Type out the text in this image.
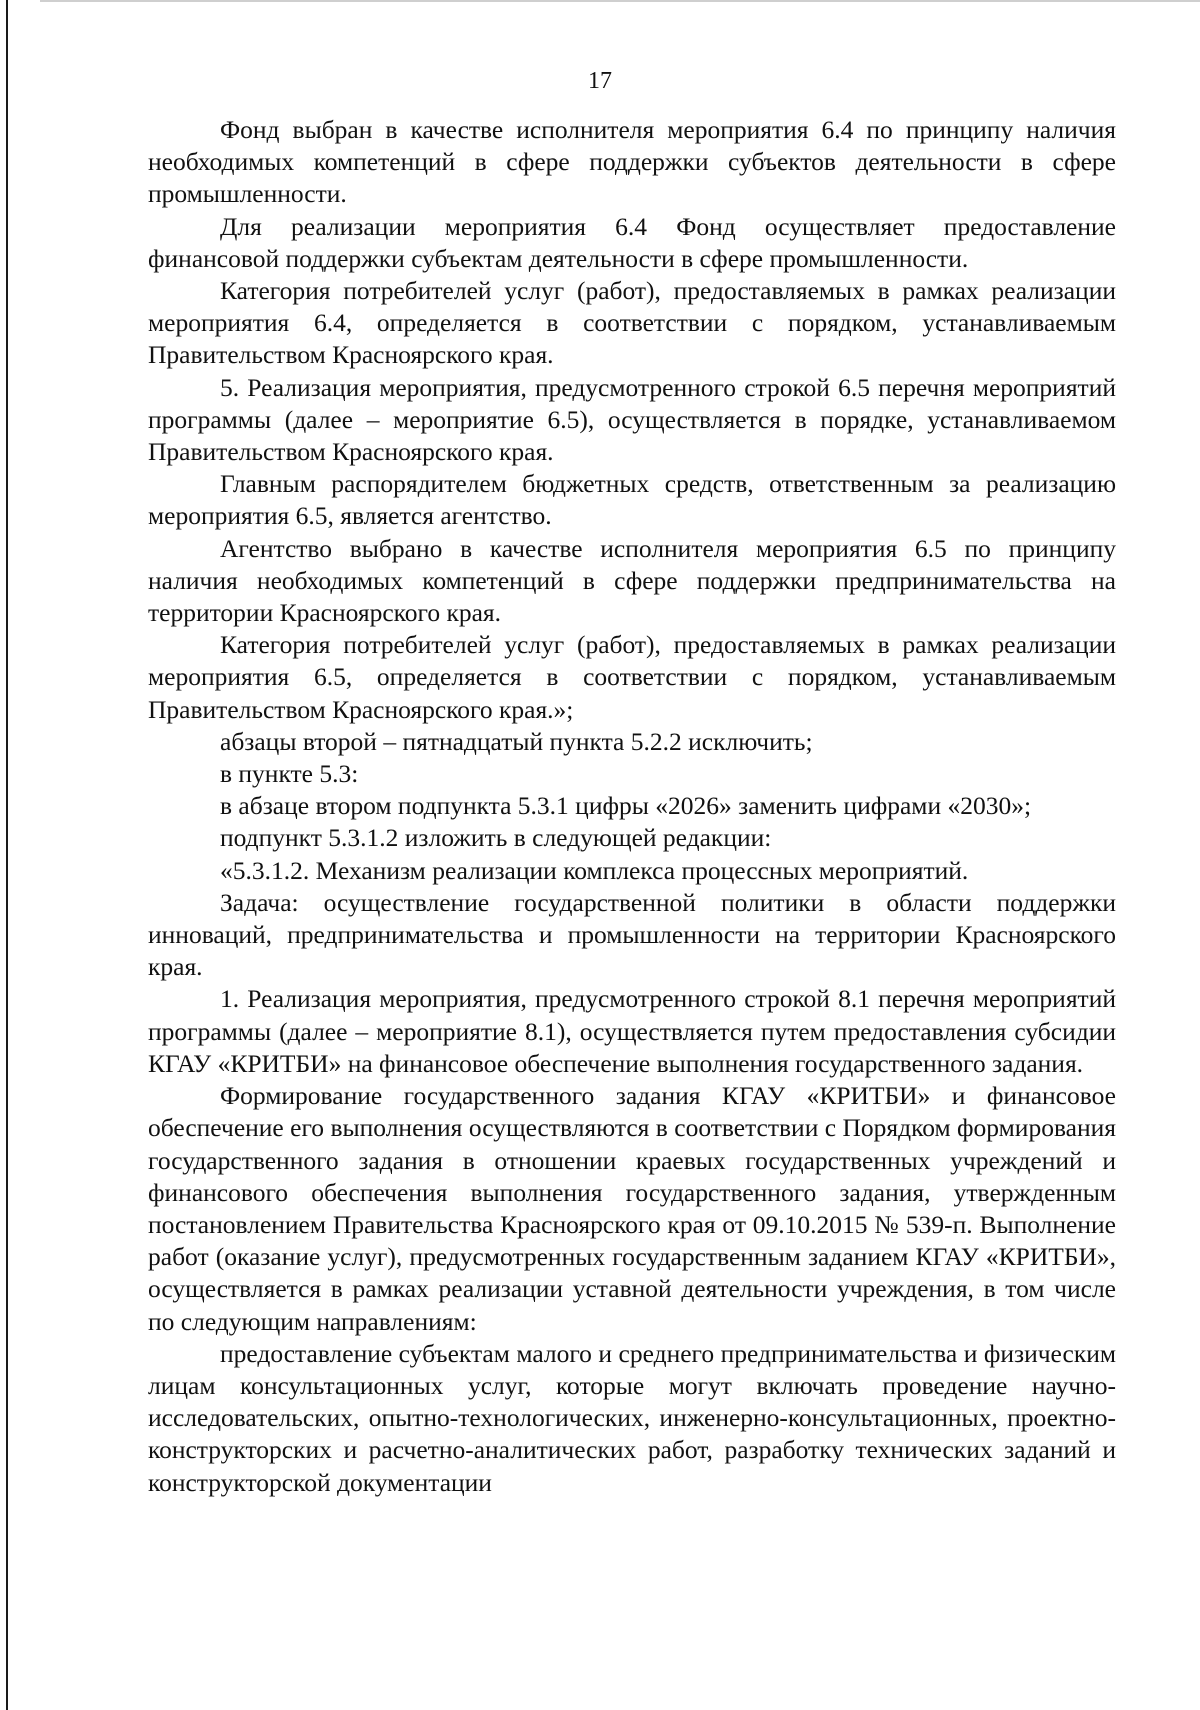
17

Фонд выбран в качестве исполнителя мероприятия 6.4 по принципу наличия необходимых компетенций в сфере поддержки субъектов деятельности в сфере промышленности.

Для реализации мероприятия 6.4 Фонд осуществляет предоставление финансовой поддержки субъектам деятельности в сфере промышленности.

Категория потребителей услуг (работ), предоставляемых в рамках реализации мероприятия 6.4, определяется в соответствии с порядком, устанавливаемым Правительством Красноярского края.

5. Реализация мероприятия, предусмотренного строкой 6.5 перечня мероприятий программы (далее – мероприятие 6.5), осуществляется в порядке, устанавливаемом Правительством Красноярского края.

Главным распорядителем бюджетных средств, ответственным за реализацию мероприятия 6.5, является агентство.

Агентство выбрано в качестве исполнителя мероприятия 6.5 по принципу наличия необходимых компетенций в сфере поддержки предпринимательства на территории Красноярского края.

Категория потребителей услуг (работ), предоставляемых в рамках реализации мероприятия 6.5, определяется в соответствии с порядком, устанавливаемым Правительством Красноярского края.»;

абзацы второй – пятнадцатый пункта 5.2.2 исключить;

в пункте 5.3:

в абзаце втором подпункта 5.3.1 цифры «2026» заменить цифрами «2030»;

подпункт 5.3.1.2 изложить в следующей редакции:

«5.3.1.2. Механизм реализации комплекса процессных мероприятий.

Задача: осуществление государственной политики в области поддержки инноваций, предпринимательства и промышленности на территории Красноярского края.

1. Реализация мероприятия, предусмотренного строкой 8.1 перечня мероприятий программы (далее – мероприятие 8.1), осуществляется путем предоставления субсидии КГАУ «КРИТБИ» на финансовое обеспечение выполнения государственного задания.

Формирование государственного задания КГАУ «КРИТБИ» и финансовое обеспечение его выполнения осуществляются в соответствии с Порядком формирования государственного задания в отношении краевых государственных учреждений и финансового обеспечения выполнения государственного задания, утвержденным постановлением Правительства Красноярского края от 09.10.2015 № 539-п. Выполнение работ (оказание услуг), предусмотренных государственным заданием КГАУ «КРИТБИ», осуществляется в рамках реализации уставной деятельности учреждения, в том числе по следующим направлениям:

предоставление субъектам малого и среднего предпринимательства и физическим лицам консультационных услуг, которые могут включать проведение научно-исследовательских, опытно-технологических, инженерно-консультационных, проектно-конструкторских и расчетно-аналитических работ, разработку технических заданий и конструкторской документации
